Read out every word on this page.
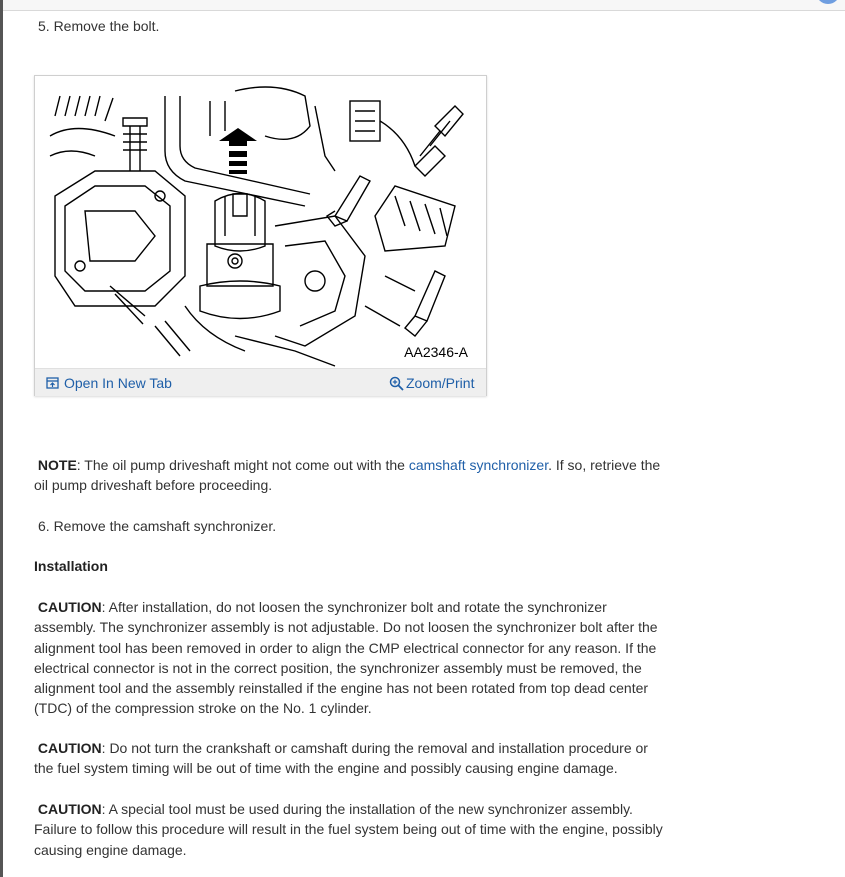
5. Remove the bolt.
AA2346-A
Open In New Tab	Zoom/Print
NOTE: The oil pump driveshaft might not come out with the camshaft synchronizer. If so, retrieve the oil pump driveshaft before proceeding.
6. Remove the camshaft synchronizer.
Installation
CAUTION: After installation, do not loosen the synchronizer bolt and rotate the synchronizer assembly. The synchronizer assembly is not adjustable. Do not loosen the synchronizer bolt after the alignment tool has been removed in order to align the CMP electrical connector for any reason. If the electrical connector is not in the correct position, the synchronizer assembly must be removed, the alignment tool and the assembly reinstalled if the engine has not been rotated from top dead center (TDC) of the compression stroke on the No. 1 cylinder.
CAUTION: Do not turn the crankshaft or camshaft during the removal and installation procedure or the fuel system timing will be out of time with the engine and possibly causing engine damage.
CAUTION: A special tool must be used during the installation of the new synchronizer assembly. Failure to follow this procedure will result in the fuel system being out of time with the engine, possibly causing engine damage.
